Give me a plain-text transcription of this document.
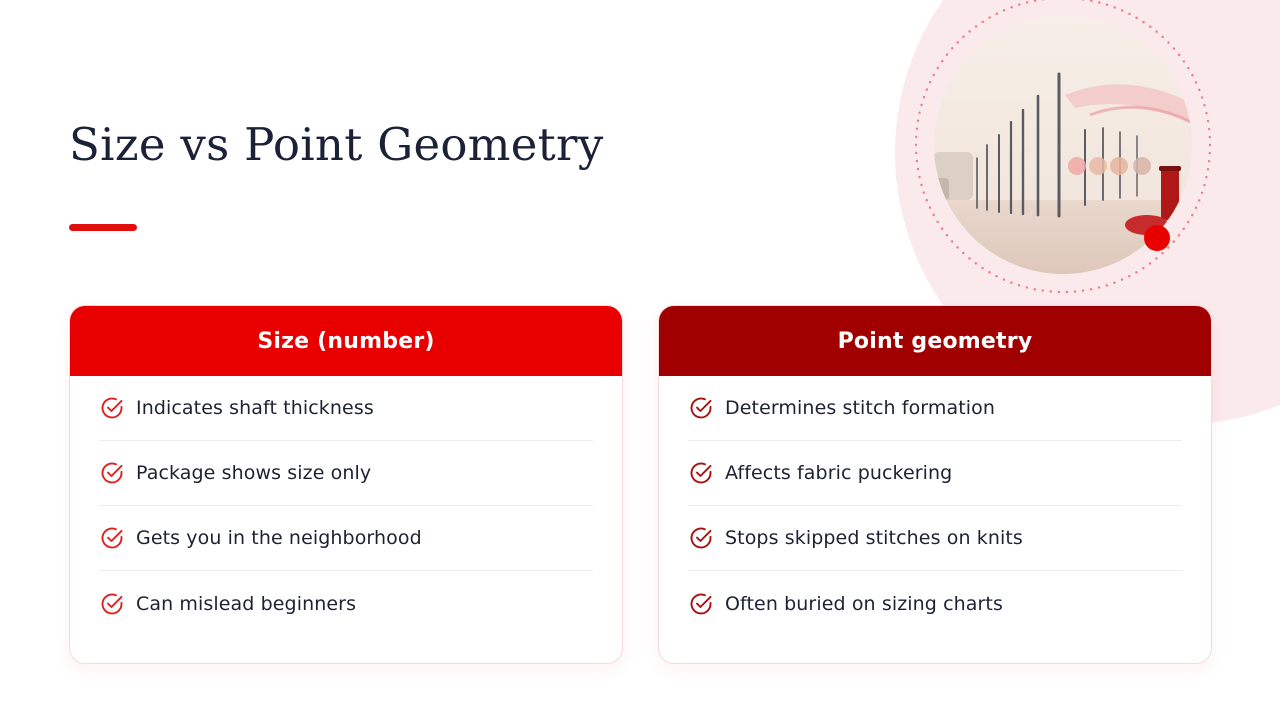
Size vs Point Geometry
Size (number)
Indicates shaft thickness
Package shows size only
Gets you in the neighborhood
Can mislead beginners
Point geometry
Determines stitch formation
Affects fabric puckering
Stops skipped stitches on knits
Often buried on sizing charts
